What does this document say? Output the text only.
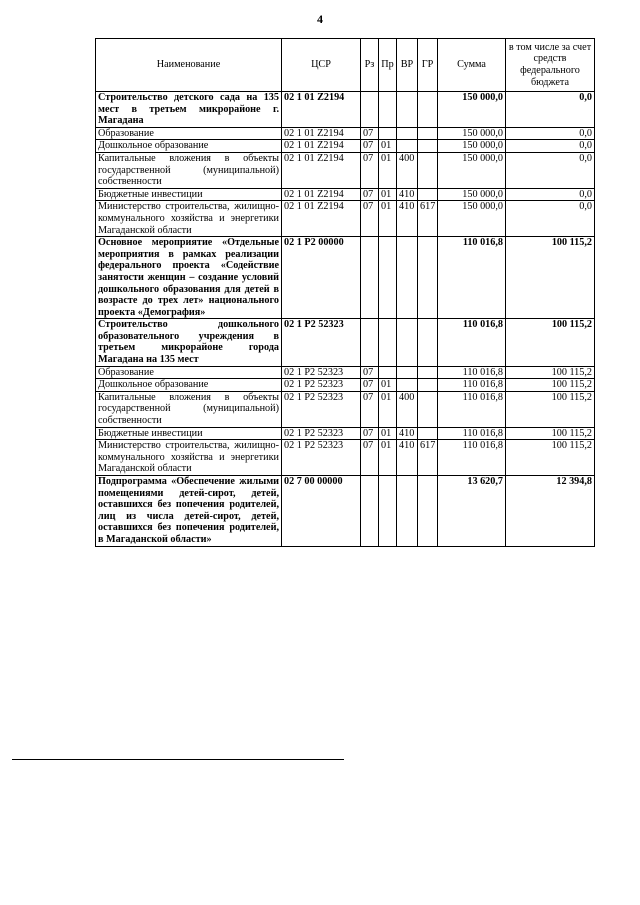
4
Наименование	ЦСР	Рз	Пр	ВР	ГР	Сумма	в том числе за счет средств федерального бюджета
Строительство детского сада на 135 мест в третьем микрорайоне г. Магадана	02 1 01 Z2194					150 000,0	0,0
Образование	02 1 01 Z2194	07				150 000,0	0,0
Дошкольное образование	02 1 01 Z2194	07	01			150 000,0	0,0
Капитальные вложения в объекты государственной (муниципальной) собственности	02 1 01 Z2194	07	01	400		150 000,0	0,0
Бюджетные инвестиции	02 1 01 Z2194	07	01	410		150 000,0	0,0
Министерство строительства, жилищно-коммунального хозяйства и энергетики Магаданской области	02 1 01 Z2194	07	01	410	617	150 000,0	0,0
Основное мероприятие «Отдельные мероприятия в рамках реализации федерального проекта «Содействие занятости женщин – создание условий дошкольного образования для детей в возрасте до трех лет» национального проекта «Демография»	02 1 P2 00000					110 016,8	100 115,2
Строительство дошкольного образовательного учреждения в третьем микрорайоне города Магадана на 135 мест	02 1 P2 52323					110 016,8	100 115,2
Образование	02 1 P2 52323	07				110 016,8	100 115,2
Дошкольное образование	02 1 P2 52323	07	01			110 016,8	100 115,2
Капитальные вложения в объекты государственной (муниципальной) собственности	02 1 P2 52323	07	01	400		110 016,8	100 115,2
Бюджетные инвестиции	02 1 P2 52323	07	01	410		110 016,8	100 115,2
Министерство строительства, жилищно-коммунального хозяйства и энергетики Магаданской области	02 1 P2 52323	07	01	410	617	110 016,8	100 115,2
Подпрограмма «Обеспечение жилыми помещениями детей-сирот, детей, оставшихся без попечения родителей, лиц из числа детей-сирот, детей, оставшихся без попечения родителей, в Магаданской области»	02 7 00 00000					13 620,7	12 394,8
